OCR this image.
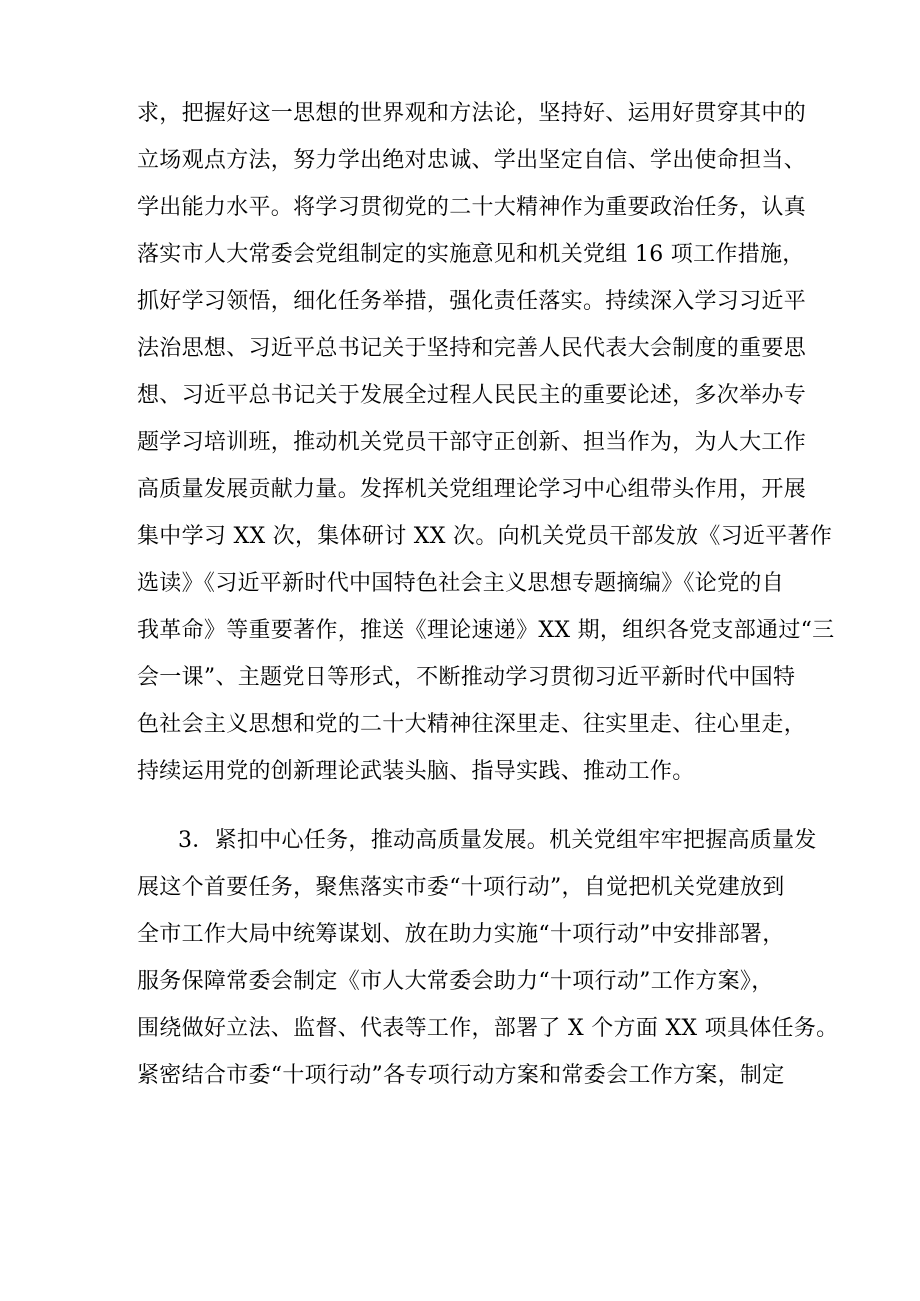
求，把握好这一思想的世界观和方法论，坚持好、运用好贯穿其中的
立场观点方法，努力学出绝对忠诚、学出坚定自信、学出使命担当、
学出能力水平。将学习贯彻党的二十大精神作为重要政治任务，认真
落实市人大常委会党组制定的实施意见和机关党组 16 项工作措施，
抓好学习领悟，细化任务举措，强化责任落实。持续深入学习习近平
法治思想、习近平总书记关于坚持和完善人民代表大会制度的重要思
想、习近平总书记关于发展全过程人民民主的重要论述，多次举办专
题学习培训班，推动机关党员干部守正创新、担当作为，为人大工作
高质量发展贡献力量。发挥机关党组理论学习中心组带头作用，开展
集中学习 XX 次，集体研讨 XX 次。向机关党员干部发放《习近平著作
选读》《习近平新时代中国特色社会主义思想专题摘编》《论党的自
我革命》等重要著作，推送《理论速递》XX 期，组织各党支部通过“三
会一课”、主题党日等形式，不断推动学习贯彻习近平新时代中国特
色社会主义思想和党的二十大精神往深里走、往实里走、往心里走，
持续运用党的创新理论武装头脑、指导实践、推动工作。
3．紧扣中心任务，推动高质量发展。机关党组牢牢把握高质量发
展这个首要任务，聚焦落实市委“十项行动”，自觉把机关党建放到
全市工作大局中统筹谋划、放在助力实施“十项行动”中安排部署，
服务保障常委会制定《市人大常委会助力“十项行动”工作方案》，
围绕做好立法、监督、代表等工作，部署了 X 个方面 XX 项具体任务。
紧密结合市委“十项行动”各专项行动方案和常委会工作方案，制定
